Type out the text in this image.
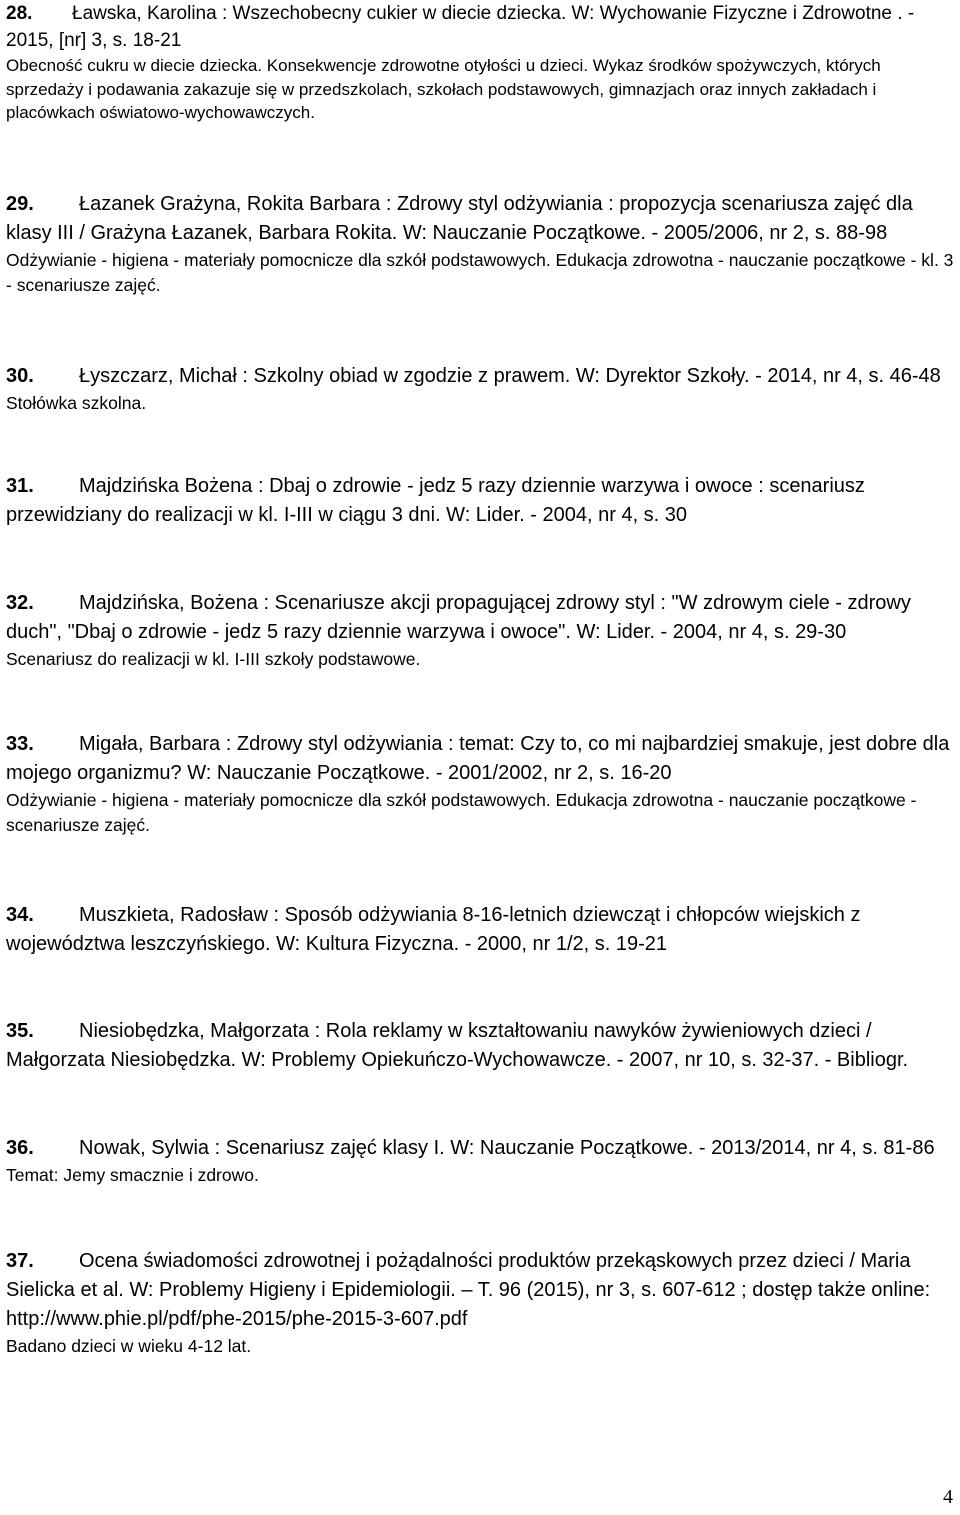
28. Ławska, Karolina : Wszechobecny cukier w diecie dziecka. W: Wychowanie Fizyczne i Zdrowotne . - 2015, [nr] 3, s. 18-21

Obecność cukru w diecie dziecka. Konsekwencje zdrowotne otyłości u dzieci. Wykaz środków spożywczych, których sprzedaży i podawania zakazuje się w przedszkolach, szkołach podstawowych, gimnazjach oraz innych zakładach i placówkach oświatowo-wychowawczych.

29. Łazanek Grażyna, Rokita Barbara : Zdrowy styl odżywiania : propozycja scenariusza zajęć dla klasy III / Grażyna Łazanek, Barbara Rokita. W: Nauczanie Początkowe. - 2005/2006, nr 2, s. 88-98

Odżywianie - higiena - materiały pomocnicze dla szkół podstawowych. Edukacja zdrowotna - nauczanie początkowe - kl. 3 - scenariusze zajęć.

30. Łyszczarz, Michał : Szkolny obiad w zgodzie z prawem. W: Dyrektor Szkoły. - 2014, nr 4, s. 46-48

Stołówka szkolna.

31. Majdzińska Bożena : Dbaj o zdrowie - jedz 5 razy dziennie warzywa i owoce : scenariusz przewidziany do realizacji w kl. I-III w ciągu 3 dni. W: Lider. - 2004, nr 4, s. 30

32. Majdzińska, Bożena : Scenariusze akcji propagującej zdrowy styl : "W zdrowym ciele - zdrowy duch", "Dbaj o zdrowie - jedz 5 razy dziennie warzywa i owoce". W: Lider. - 2004, nr 4, s. 29-30

Scenariusz do realizacji w kl. I-III szkoły podstawowe.

33. Migała, Barbara : Zdrowy styl odżywiania : temat: Czy to, co mi najbardziej smakuje, jest dobre dla mojego organizmu? W: Nauczanie Początkowe. - 2001/2002, nr 2, s. 16-20

Odżywianie - higiena - materiały pomocnicze dla szkół podstawowych. Edukacja zdrowotna - nauczanie początkowe - scenariusze zajęć.

34. Muszkieta, Radosław : Sposób odżywiania 8-16-letnich dziewcząt i chłopców wiejskich z województwa leszczyńskiego. W: Kultura Fizyczna. - 2000, nr 1/2, s. 19-21

35. Niesiobędzka, Małgorzata : Rola reklamy w kształtowaniu nawyków żywieniowych dzieci / Małgorzata Niesiobędzka. W: Problemy Opiekuńczo-Wychowawcze. - 2007, nr 10, s. 32-37. - Bibliogr.

36. Nowak, Sylwia : Scenariusz zajęć klasy I. W: Nauczanie Początkowe. - 2013/2014, nr 4, s. 81-86

Temat: Jemy smacznie i zdrowo.

37. Ocena świadomości zdrowotnej i pożądalności produktów przekąskowych przez dzieci / Maria Sielicka et al. W: Problemy Higieny i Epidemiologii. – T. 96 (2015), nr 3, s. 607-612 ; dostęp także online: http://www.phie.pl/pdf/phe-2015/phe-2015-3-607.pdf

Badano dzieci w wieku 4-12 lat.

4
